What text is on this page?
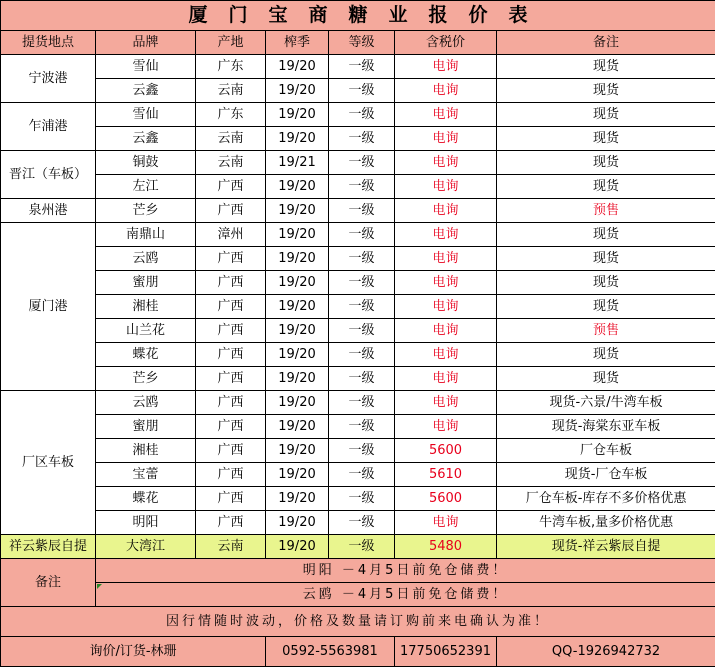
厦门宝商糖业报价表						
提货地点	品牌	产地	榨季	等级	含税价	备注
宁波港	雪仙	广东	19/20	一级	电询	现货
	云鑫	云南	19/20	一级	电询	现货
乍浦港	雪仙	广东	19/20	一级	电询	现货
	云鑫	云南	19/20	一级	电询	现货
晋江（车板）	铜鼓	云南	19/21	一级	电询	现货
	左江	广西	19/20	一级	电询	现货
泉州港	芒乡	广西	19/20	一级	电询	预售
厦门港	南鼎山	漳州	19/20	一级	电询	现货
	云鸥	广西	19/20	一级	电询	现货
	蜜朋	广西	19/20	一级	电询	现货
	湘桂	广西	19/20	一级	电询	现货
	山兰花	广西	19/20	一级	电询	预售
	蝶花	广西	19/20	一级	电询	现货
	芒乡	广西	19/20	一级	电询	现货
厂区车板	云鸥	广西	19/20	一级	电询	现货-六景/牛湾车板
	蜜朋	广西	19/20	一级	电询	现货-海棠东亚车板
	湘桂	广西	19/20	一级	5600	厂仓车板
	宝蕾	广西	19/20	一级	5610	现货-厂仓车板
	蝶花	广西	19/20	一级	5600	厂仓车板-库存不多价格优惠
	明阳	广西	19/20	一级	电询	牛湾车板,量多价格优惠
祥云紫辰自提	大湾江	云南	19/20	一级	5480	现货-祥云紫辰自提
备注	明阳 －4月5日前免仓储费！					

云鸥 －4月5日前免仓储费！					
因行情随时波动，价格及数量请订购前来电确认为准！						
询价/订货-林珊			0592-5563981		17750652391	QQ-1926942732
